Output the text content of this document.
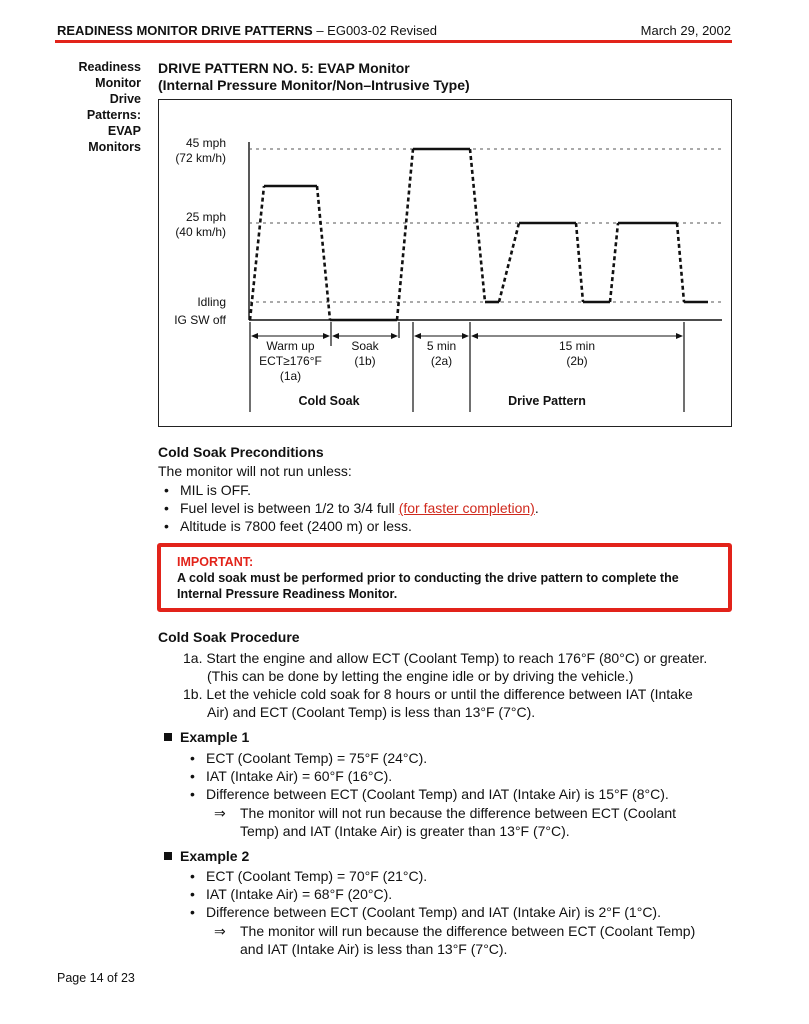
READINESS MONITOR DRIVE PATTERNS – EG003-02 Revised	March 29, 2002
Readiness
Monitor
Drive
Patterns:
EVAP
Monitors
DRIVE PATTERN NO. 5: EVAP Monitor
(Internal Pressure Monitor/Non–Intrusive Type)
IG SW off
Idling
25 mph
(40 km/h)
45 mph
(72 km/h)
Warm up
ECT≥176°F
(1a)
Soak
(1b)
5 min
(2a)
15 min
(2b)
Cold Soak	Drive Pattern
Cold Soak Preconditions
The monitor will not run unless:
• MIL is OFF.
• Fuel level is between 1/2 to 3/4 full (for faster completion).
• Altitude is 7800 feet (2400 m) or less.
IMPORTANT:
A cold soak must be performed prior to conducting the drive pattern to complete the
Internal Pressure Readiness Monitor.
Cold Soak Procedure
1a. Start the engine and allow ECT (Coolant Temp) to reach 176°F (80°C) or greater.
(This can be done by letting the engine idle or by driving the vehicle.)
1b. Let the vehicle cold soak for 8 hours or until the difference between IAT (Intake
Air) and ECT (Coolant Temp) is less than 13°F (7°C).
Example 1
• ECT (Coolant Temp) = 75°F (24°C).
• IAT (Intake Air) = 60°F (16°C).
• Difference between ECT (Coolant Temp) and IAT (Intake Air) is 15°F (8°C).
⇒ The monitor will not run because the difference between ECT (Coolant
Temp) and IAT (Intake Air) is greater than 13°F (7°C).
Example 2
• ECT (Coolant Temp) = 70°F (21°C).
• IAT (Intake Air) = 68°F (20°C).
• Difference between ECT (Coolant Temp) and IAT (Intake Air) is 2°F (1°C).
⇒ The monitor will run because the difference between ECT (Coolant Temp)
and IAT (Intake Air) is less than 13°F (7°C).
Page 14 of 23
